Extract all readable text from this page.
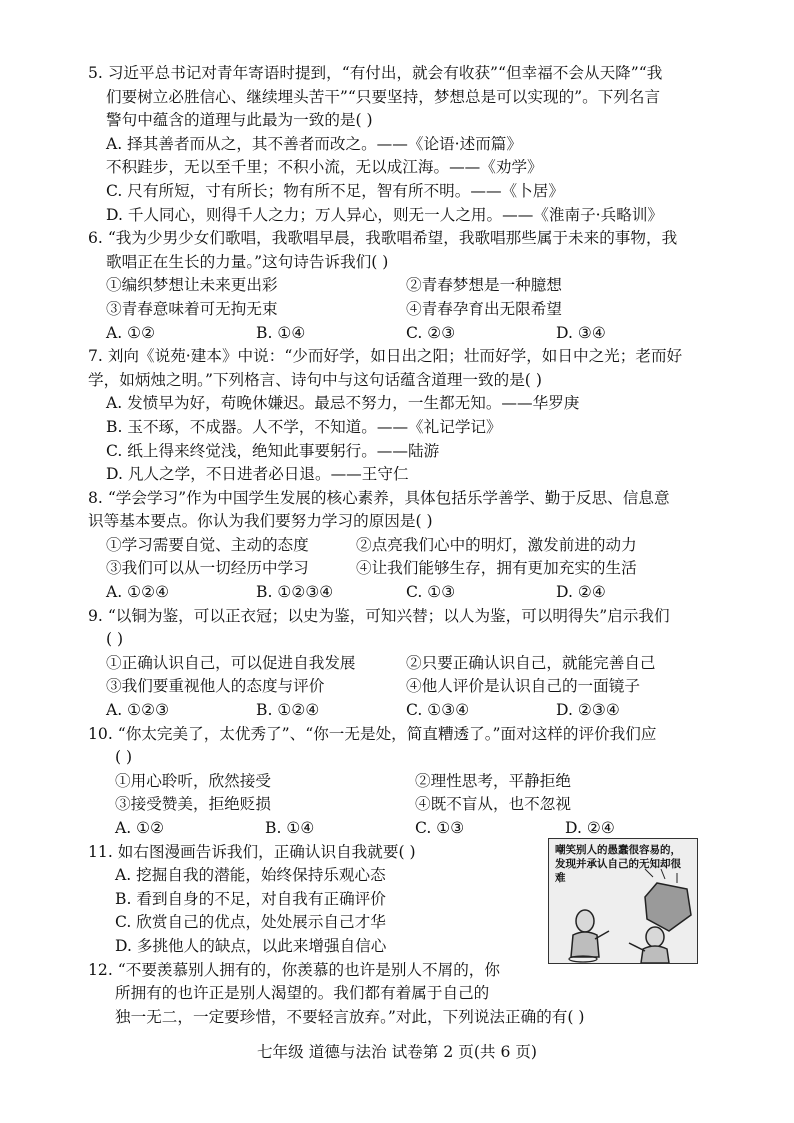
5. 习近平总书记对青年寄语时提到，“有付出，就会有收获”“但幸福不会从天降”“我

们要树立必胜信心、继续埋头苦干”“只要坚持，梦想总是可以实现的”。下列名言

警句中蕴含的道理与此最为一致的是( )

A. 择其善者而从之，其不善者而改之。——《论语·述而篇》

不积跬步，无以至千里；不积小流，无以成江海。——《劝学》

C. 尺有所短，寸有所长；物有所不足，智有所不明。——《卜居》

D. 千人同心，则得千人之力；万人异心，则无一人之用。——《淮南子·兵略训》

6. “我为少男少女们歌唱，我歌唱早晨，我歌唱希望，我歌唱那些属于未来的事物，我

歌唱正在生长的力量。”这句诗告诉我们( )

①编织梦想让未来更出彩	②青春梦想是一种臆想
③青春意味着可无拘无束	④青春孕育出无限希望
A. ①②	B. ①④	C. ②③	D. ③④

7. 刘向《说苑·建本》中说：“少而好学，如日出之阳；壮而好学，如日中之光；老而好

学，如炳烛之明。”下列格言、诗句中与这句话蕴含道理一致的是( )

A. 发愤早为好，苟晚休嫌迟。最忌不努力，一生都无知。——华罗庚

B. 玉不琢，不成器。人不学，不知道。——《礼记学记》

C. 纸上得来终觉浅，绝知此事要躬行。——陆游

D. 凡人之学，不日进者必日退。——王守仁

8. “学会学习”作为中国学生发展的核心素养，具体包括乐学善学、勤于反思、信息意

识等基本要点。你认为我们要努力学习的原因是( )

①学习需要自觉、主动的态度	②点亮我们心中的明灯，激发前进的动力
③我们可以从一切经历中学习	④让我们能够生存，拥有更加充实的生活
A. ①②④	B. ①②③④	C. ①③	D. ②④

9. “以铜为鉴，可以正衣冠；以史为鉴，可知兴替；以人为鉴，可以明得失”启示我们

( )

①正确认识自己，可以促进自我发展	②只要正确认识自己，就能完善自己
③我们要重视他人的态度与评价	④他人评价是认识自己的一面镜子
A. ①②③	B. ①②④	C. ①③④	D. ②③④

10. “你太完美了，太优秀了”、“你一无是处，简直糟透了。”面对这样的评价我们应

( )

①用心聆听，欣然接受	②理性思考，平静拒绝
③接受赞美，拒绝贬损	④既不盲从，也不忽视
A. ①②	B. ①④	C. ①③	D. ②④

11. 如右图漫画告诉我们，正确认识自我就要( )

A. 挖掘自我的潜能，始终保持乐观心态

B. 看到自身的不足，对自我有正确评价

C. 欣赏自己的优点，处处展示自己才华

D. 多挑他人的缺点，以此来增强自信心

12. “不要羡慕别人拥有的，你羡慕的也许是别人不屑的，你

所拥有的也许正是别人渴望的。我们都有着属于自己的

独一无二，一定要珍惜，不要轻言放弃。”对此，下列说法正确的有( )

嘲笑别人的愚蠢很容易的，发现并承认自己的无知却很难
七年级 道德与法治 试卷第 2 页(共 6 页)
